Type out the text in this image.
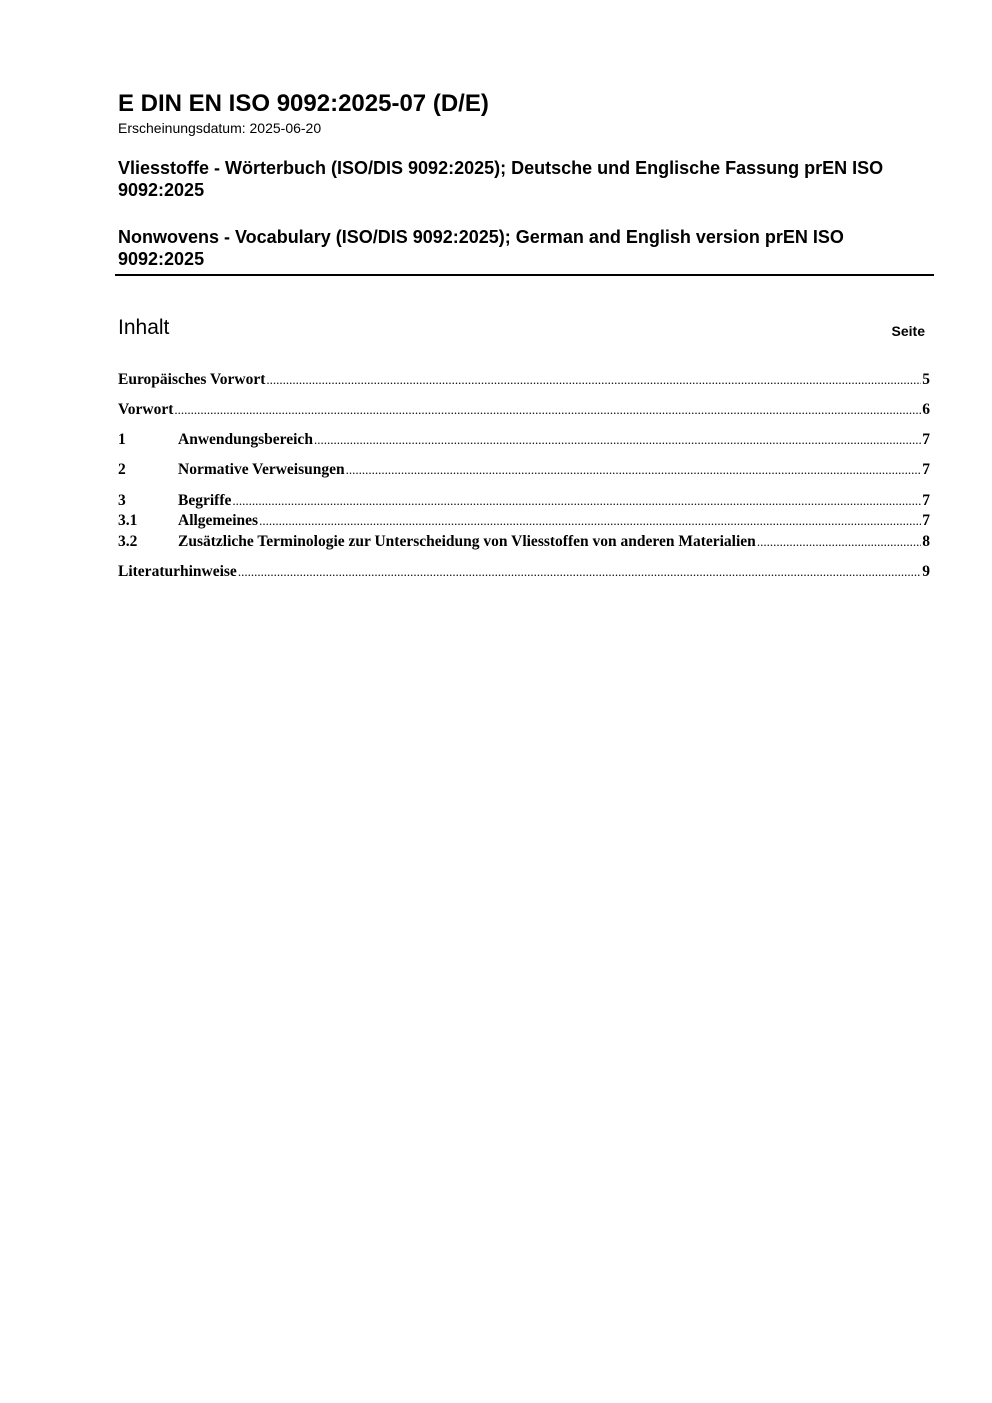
E DIN EN ISO 9092:2025-07 (D/E)

Erscheinungsdatum: 2025-06-20

Vliesstoffe - Wörterbuch (ISO/DIS 9092:2025); Deutsche und Englische Fassung prEN ISO 9092:2025

Nonwovens - Vocabulary (ISO/DIS 9092:2025); German and English version prEN ISO 9092:2025

Inhalt	Seite
Europäisches Vorwort .....	5
Vorwort .....	6
1	Anwendungsbereich .....	7
2	Normative Verweisungen .....	7
3	Begriffe .....	7
3.1	Allgemeines .....	7
3.2	Zusätzliche Terminologie zur Unterscheidung von Vliesstoffen von anderen Materialien .....	8
Literaturhinweise .....	9
